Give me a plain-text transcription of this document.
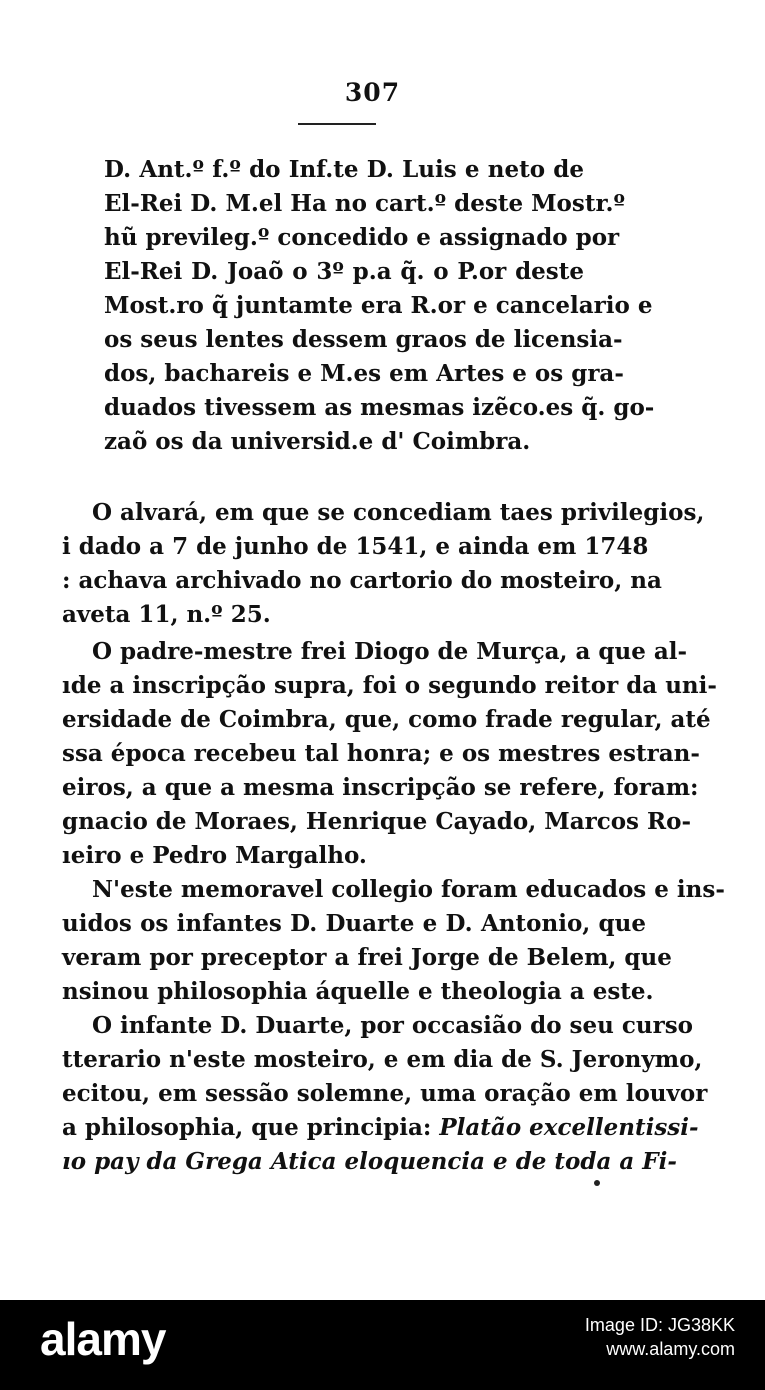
307
D. Ant.º f.º do Inf.te D. Luis e neto de
El-Rei D. M.el Ha no cart.º deste Mostr.º
hũ previleg.º concedido e assignado por
El-Rei D. Joaõ o 3º p.a q̃. o P.or deste
Most.ro q̃ juntamte era R.or e cancelario e
os seus lentes dessem graos de licensia-
dos, bachareis e M.es em Artes e os gra-
duados tivessem as mesmas izẽco.es q̃. go-
zaõ os da universid.e d' Coimbra.
O alvará, em que se concediam taes privilegios,
i dado a 7 de junho de 1541, e ainda em 1748
: achava archivado no cartorio do mosteiro, na
aveta 11, n.º 25.
O padre-mestre frei Diogo de Murça, a que al-
ıde a inscripção supra, foi o segundo reitor da uni-
ersidade de Coimbra, que, como frade regular, até
ssa época recebeu tal honra; e os mestres estran-
eiros, a que a mesma inscripção se refere, foram:
gnacio de Moraes, Henrique Cayado, Marcos Ro-
ıeiro e Pedro Margalho.
N'este memoravel collegio foram educados e ins-
uidos os infantes D. Duarte e D. Antonio, que
veram por preceptor a frei Jorge de Belem, que
nsinou philosophia áquelle e theologia a este.
O infante D. Duarte, por occasião do seu curso
tterario n'este mosteiro, e em dia de S. Jeronymo,
ecitou, em sessão solemne, uma oração em louvor
a philosophia, que principia: Platão excellentissi-
ıo pay da Grega Atica eloquencia e de toda a Fi-
alamy	Image ID: JG38KK
www.alamy.com
